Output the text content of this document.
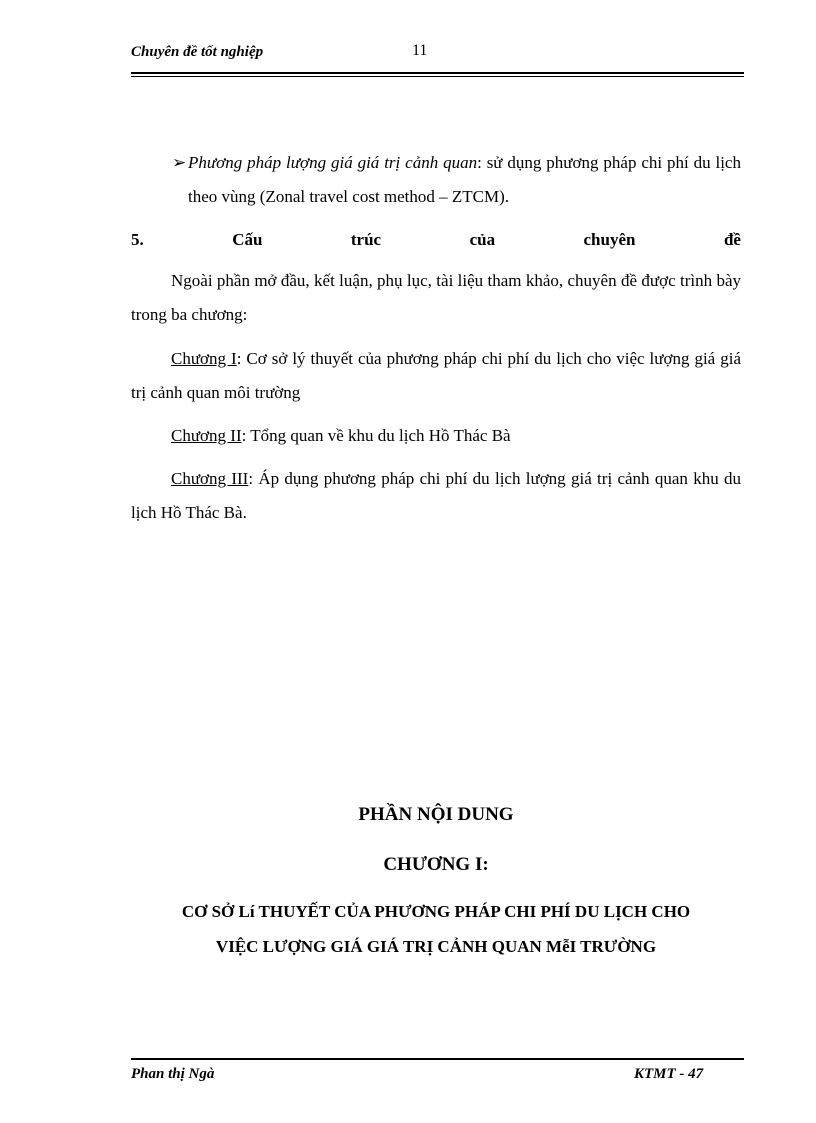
Chuyên đề tốt nghiệp	11
➢ Phương pháp lượng giá giá trị cảnh quan: sử dụng phương pháp chi phí du lịch theo vùng (Zonal travel cost method – ZTCM).
5.	Cấu	trúc	của	chuyên	đề
Ngoài phần mở đầu, kết luận, phụ lục, tài liệu tham khảo, chuyên đề được trình bày trong ba chương:
Chương I: Cơ sở lý thuyết của phương pháp chi phí du lịch cho việc lượng giá giá trị cảnh quan môi trường
Chương II: Tổng quan về khu du lịch Hồ Thác Bà
Chương III: Áp dụng phương pháp chi phí du lịch lượng giá trị cảnh quan khu du lịch Hồ Thác Bà.
PHẦN NỘI DUNG
CHƯƠNG I:
CƠ SỞ Lí THUYẾT CỦA PHƯƠNG PHÁP CHI PHÍ DU LỊCH CHO
VIỆC LƯỢNG GIÁ GIÁ TRỊ CẢNH QUAN MễI TRƯỜNG
Phan thị Ngà	KTMT - 47
